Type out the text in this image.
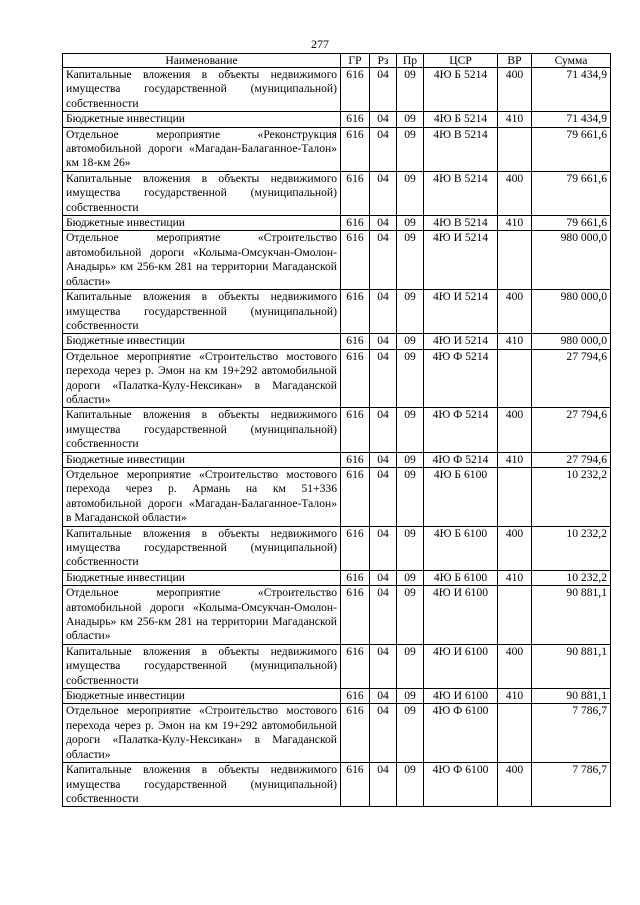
277
Наименование	ГР	Рз	Пр	ЦСР	ВР	Сумма
Капитальные вложения в объекты недвижимого имущества государственной (муниципальной) собственности	616	04	09	4Ю Б 5214	400	71 434,9
Бюджетные инвестиции	616	04	09	4Ю Б 5214	410	71 434,9
Отдельное мероприятие «Реконструкция автомобильной дороги «Магадан-Балаганное-Талон» км 18-км 26»	616	04	09	4Ю В 5214		79 661,6
Капитальные вложения в объекты недвижимого имущества государственной (муниципальной) собственности	616	04	09	4Ю В 5214	400	79 661,6
Бюджетные инвестиции	616	04	09	4Ю В 5214	410	79 661,6
Отдельное мероприятие «Строительство автомобильной дороги «Колыма-Омсукчан-Омолон-Анадырь» км 256-км 281 на территории Магаданской области»	616	04	09	4Ю И 5214		980 000,0
Капитальные вложения в объекты недвижимого имущества государственной (муниципальной) собственности	616	04	09	4Ю И 5214	400	980 000,0
Бюджетные инвестиции	616	04	09	4Ю И 5214	410	980 000,0
Отдельное мероприятие «Строительство мостового перехода через р. Эмон на км 19+292 автомобильной дороги «Палатка-Кулу-Нексикан» в Магаданской области»	616	04	09	4Ю Ф 5214		27 794,6
Капитальные вложения в объекты недвижимого имущества государственной (муниципальной) собственности	616	04	09	4Ю Ф 5214	400	27 794,6
Бюджетные инвестиции	616	04	09	4Ю Ф 5214	410	27 794,6
Отдельное мероприятие «Строительство мостового перехода через р. Армань на км 51+336 автомобильной дороги «Магадан-Балаганное-Талон» в Магаданской области»	616	04	09	4Ю Б 6100		10 232,2
Капитальные вложения в объекты недвижимого имущества государственной (муниципальной) собственности	616	04	09	4Ю Б 6100	400	10 232,2
Бюджетные инвестиции	616	04	09	4Ю Б 6100	410	10 232,2
Отдельное мероприятие «Строительство автомобильной дороги «Колыма-Омсукчан-Омолон-Анадырь» км 256-км 281 на территории Магаданской области»	616	04	09	4Ю И 6100		90 881,1
Капитальные вложения в объекты недвижимого имущества государственной (муниципальной) собственности	616	04	09	4Ю И 6100	400	90 881,1
Бюджетные инвестиции	616	04	09	4Ю И 6100	410	90 881,1
Отдельное мероприятие «Строительство мостового перехода через р. Эмон на км 19+292 автомобильной дороги «Палатка-Кулу-Нексикан» в Магаданской области»	616	04	09	4Ю Ф 6100		7 786,7
Капитальные вложения в объекты недвижимого имущества государственной (муниципальной) собственности	616	04	09	4Ю Ф 6100	400	7 786,7
